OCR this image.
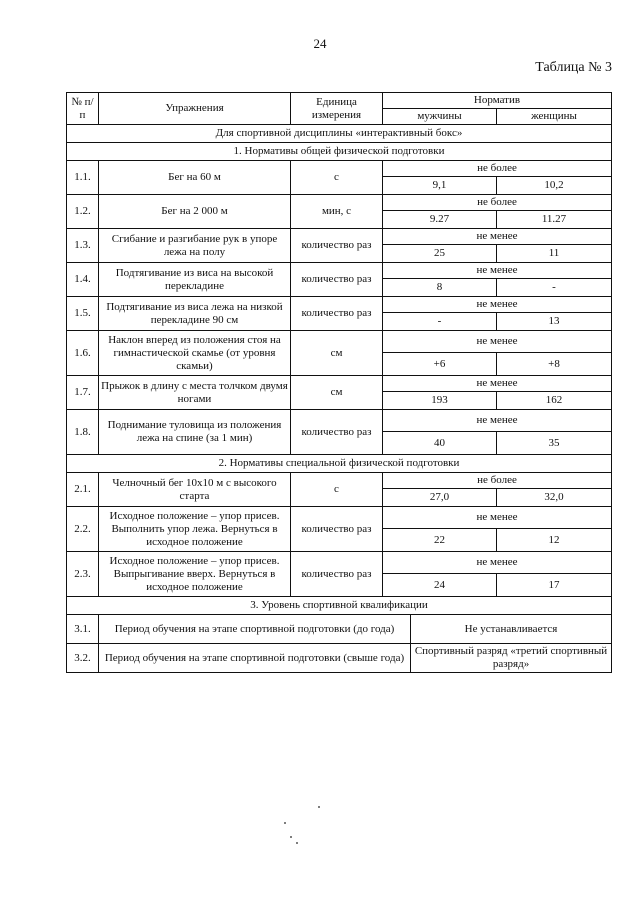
24
Таблица № 3
№ п/п	Упражнения	Единица измерения	Норматив		
			мужчины		женщины
Для спортивной дисциплины «интерактивный бокс»					
1. Нормативы общей физической подготовки					
1.1.	Бег на 60 м	с	не более		
			9,1		10,2
1.2.	Бег на 2 000 м	мин, с	не более		
			9.27		11.27
1.3.	Сгибание и разгибание рук в упоре лежа на полу	количество раз	не менее		
			25		11
1.4.	Подтягивание из виса на высокой перекладине	количество раз	не менее		
			8		-
1.5.	Подтягивание из виса лежа на низкой перекладине 90 см	количество раз	не менее		
			-		13
1.6.	Наклон вперед из положения стоя на гимнастической скамье (от уровня скамьи)	см	не менее		
			+6		+8
1.7.	Прыжок в длину с места толчком двумя ногами	см	не менее		
			193		162
1.8.	Поднимание туловища из положения лежа на спине (за 1 мин)	количество раз	не менее		
			40		35
2. Нормативы специальной физической подготовки					
2.1.	Челночный бег 10x10 м с высокого старта	с	не более		
			27,0		32,0
2.2.	Исходное положение – упор присев. Выполнить упор лежа. Вернуться в исходное положение	количество раз	не менее		
			22		12
2.3.	Исходное положение – упор присев. Выпрыгивание вверх. Вернуться в исходное положение	количество раз	не менее		
			24		17
3. Уровень спортивной квалификации					
3.1.	Период обучения на этапе спортивной подготовки (до года)			Не устанавливается	
3.2.	Период обучения на этапе спортивной подготовки (свыше года)			Спортивный разряд «третий спортивный разряд»	
